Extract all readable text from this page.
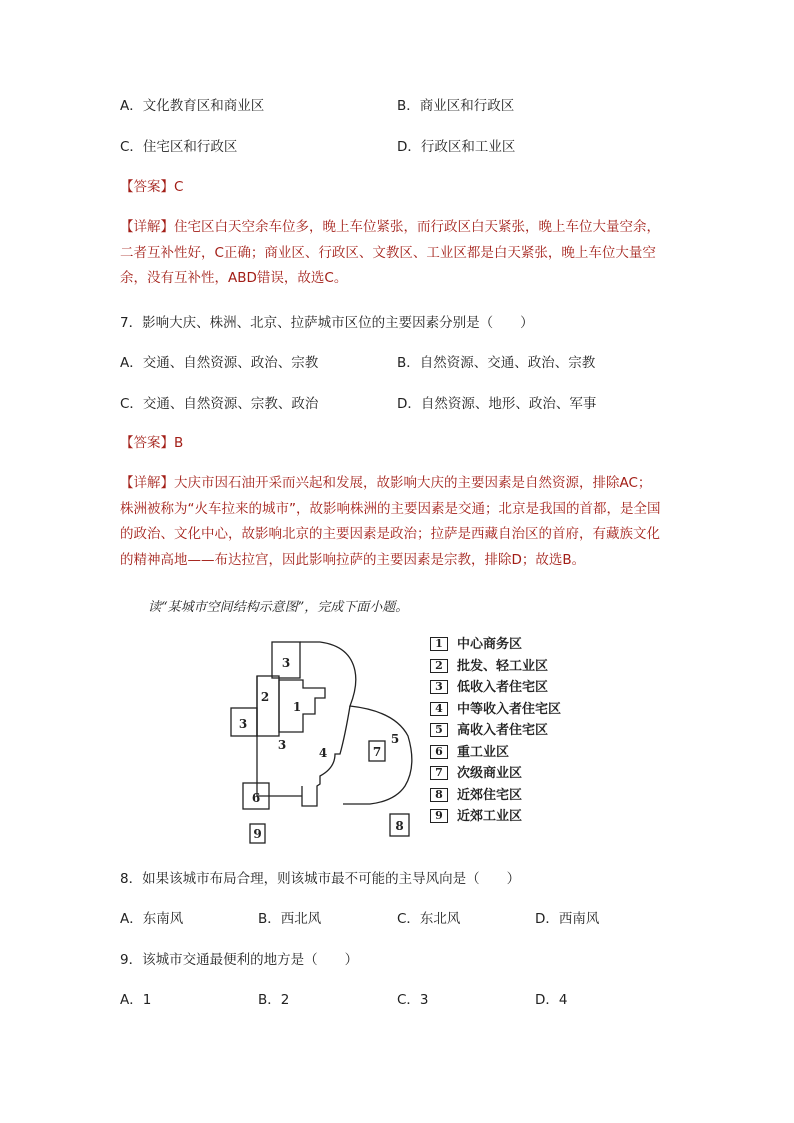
A．文化教育区和商业区	B．商业区和行政区
C．住宅区和行政区	D．行政区和工业区
【答案】C
【详解】住宅区白天空余车位多，晚上车位紧张，而行政区白天紧张，晚上车位大量空余，
二者互补性好，C正确；商业区、行政区、文教区、工业区都是白天紧张，晚上车位大量空
余，没有互补性，ABD错误，故选C。
7．影响大庆、株洲、北京、拉萨城市区位的主要因素分别是（　　）
A．交通、自然资源、政治、宗教	B．自然资源、交通、政治、宗教
C．交通、自然资源、宗教、政治	D．自然资源、地形、政治、军事
【答案】B
【详解】大庆市因石油开采而兴起和发展，故影响大庆的主要因素是自然资源，排除AC；
株洲被称为“火车拉来的城市”，故影响株洲的主要因素是交通；北京是我国的首都，是全国
的政治、文化中心，故影响北京的主要因素是政治；拉萨是西藏自治区的首府，有藏族文化
的精神高地——布达拉宫，因此影响拉萨的主要因素是宗教，排除D；故选B。
读“某城市空间结构示意图”，完成下面小题。
1
2
3
3
3
4
5
6
7
8
9
1	中心商务区
2	批发、轻工业区
3	低收入者住宅区
4	中等收入者住宅区
5	高收入者住宅区
6	重工业区
7	次级商业区
8	近郊住宅区
9	近郊工业区
8．如果该城市布局合理，则该城市最不可能的主导风向是（　　）
A．东南风	B．西北风	C．东北风	D．西南风
9．该城市交通最便利的地方是（　　）
A．1	B．2	C．3	D．4
